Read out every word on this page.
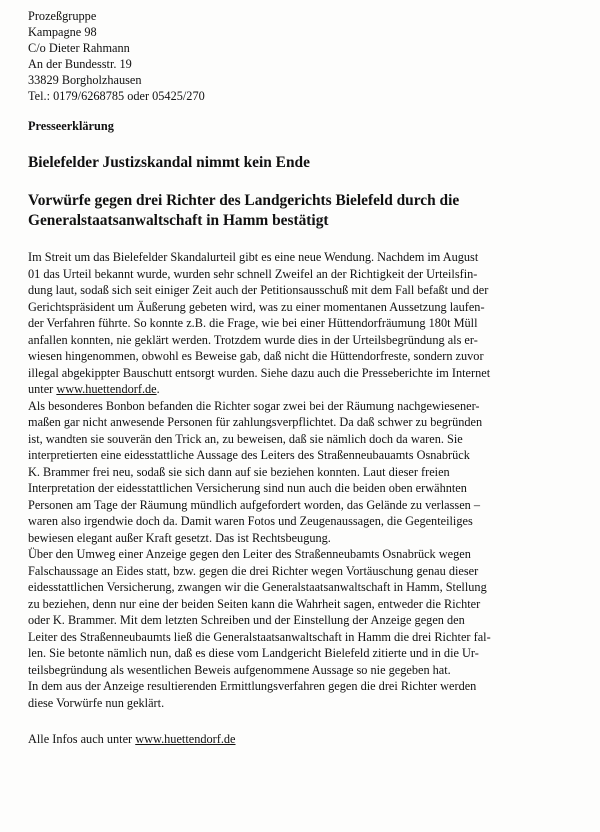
Prozeßgruppe
Kampagne 98
C/o Dieter Rahmann
An der Bundesstr. 19
33829 Borgholzhausen
Tel.: 0179/6268785 oder 05425/270
Presseerklärung
Bielefelder Justizskandal nimmt kein Ende
Vorwürfe gegen drei Richter des Landgerichts Bielefeld durch die
Generalstaatsanwaltschaft in Hamm bestätigt
Im Streit um das Bielefelder Skandalurteil gibt es eine neue Wendung. Nachdem im August
01 das Urteil bekannt wurde, wurden sehr schnell Zweifel an der Richtigkeit der Urteilsfin-
dung laut, sodaß sich seit einiger Zeit auch der Petitionsausschuß mit dem Fall befaßt und der
Gerichtspräsident um Äußerung gebeten wird, was zu einer momentanen Aussetzung laufen-
der Verfahren führte. So konnte z.B. die Frage, wie bei einer Hüttendorfräumung 180t Müll
anfallen konnten, nie geklärt werden. Trotzdem wurde dies in der Urteilsbegründung als er-
wiesen hingenommen, obwohl es Beweise gab, daß nicht die Hüttendorfreste, sondern zuvor
illegal abgekippter Bauschutt entsorgt wurden. Siehe dazu auch die Presseberichte im Internet
unter www.huettendorf.de.
Als besonderes Bonbon befanden die Richter sogar zwei bei der Räumung nachgewiesener-
maßen gar nicht anwesende Personen für zahlungsverpflichtet. Da daß schwer zu begründen
ist, wandten sie souverän den Trick an, zu beweisen, daß sie nämlich doch da waren. Sie
interpretierten eine eidesstattliche Aussage des Leiters des Straßenneubauamts Osnabrück
K. Brammer frei neu, sodaß sie sich dann auf sie beziehen konnten. Laut dieser freien
Interpretation der eidesstattlichen Versicherung sind nun auch die beiden oben erwähnten
Personen am Tage der Räumung mündlich aufgefordert worden, das Gelände zu verlassen –
waren also irgendwie doch da. Damit waren Fotos und Zeugenaussagen, die Gegenteiliges
bewiesen elegant außer Kraft gesetzt. Das ist Rechtsbeugung.
Über den Umweg einer Anzeige gegen den Leiter des Straßenneubamts Osnabrück wegen
Falschaussage an Eides statt, bzw. gegen die drei Richter wegen Vortäuschung genau dieser
eidesstattlichen Versicherung, zwangen wir die Generalstaatsanwaltschaft in Hamm, Stellung
zu beziehen, denn nur eine der beiden Seiten kann die Wahrheit sagen, entweder die Richter
oder K. Brammer. Mit dem letzten Schreiben und der Einstellung der Anzeige gegen den
Leiter des Straßenneubaumts ließ die Generalstaatsanwaltschaft in Hamm die drei Richter fal-
len. Sie betonte nämlich nun, daß es diese vom Landgericht Bielefeld zitierte und in die Ur-
teilsbegründung als wesentlichen Beweis aufgenommene Aussage so nie gegeben hat.
In dem aus der Anzeige resultierenden Ermittlungsverfahren gegen die drei Richter werden
diese Vorwürfe nun geklärt.
Alle Infos auch unter www.huettendorf.de
